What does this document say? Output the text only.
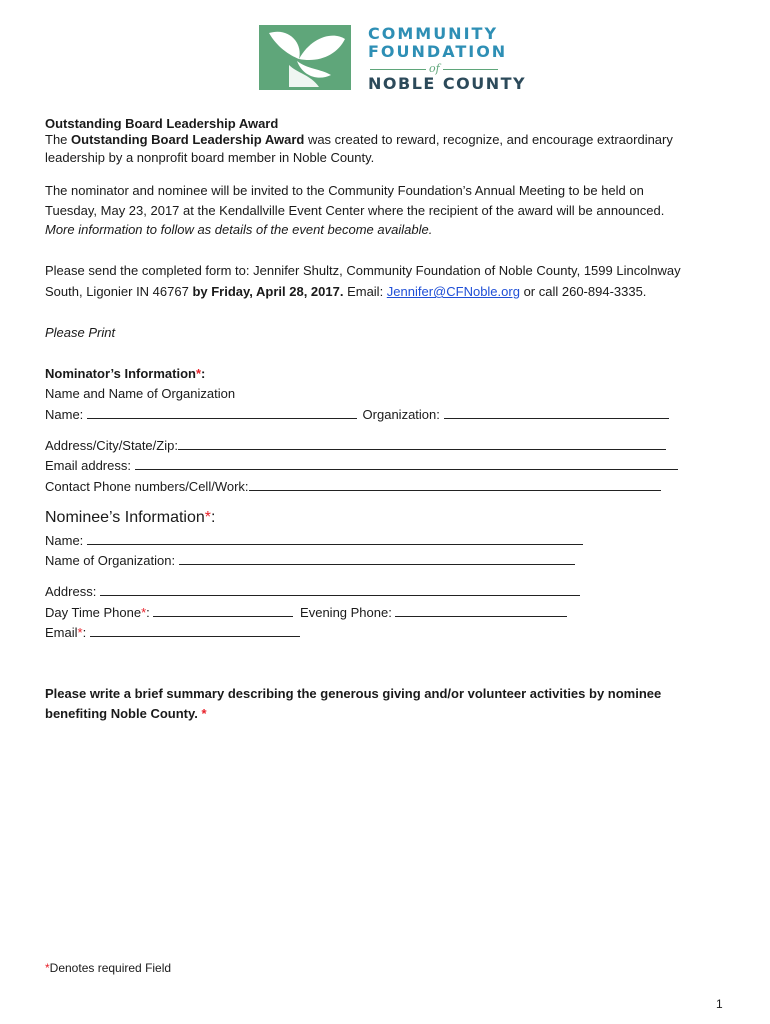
COMMUNITY
FOUNDATION
of
NOBLE COUNTY
Outstanding Board Leadership Award
The Outstanding Board Leadership Award was created to reward, recognize, and encourage extraordinary
leadership by a nonprofit board member in Noble County.
The nominator and nominee will be invited to the Community Foundation’s Annual Meeting to be held on
Tuesday, May 23, 2017 at the Kendallville Event Center where the recipient of the award will be announced.
More information to follow as details of the event become available.
Please send the completed form to: Jennifer Shultz, Community Foundation of Noble County, 1599 Lincolnway
South, Ligonier IN 46767 by Friday, April 28, 2017. Email: Jennifer@CFNoble.org or call 260-894-3335.
Please Print
Nominator’s Information*:
Name and Name of Organization
Name:	Organization:
Address/City/State/Zip:
Email address:
Contact Phone numbers/Cell/Work:
Nominee’s Information*:
Name:
Name of Organization:
Address:
Day Time Phone*:	Evening Phone:
Email*:
Please write a brief summary describing the generous giving and/or volunteer activities by nominee
benefiting Noble County. *
*Denotes required Field
1
